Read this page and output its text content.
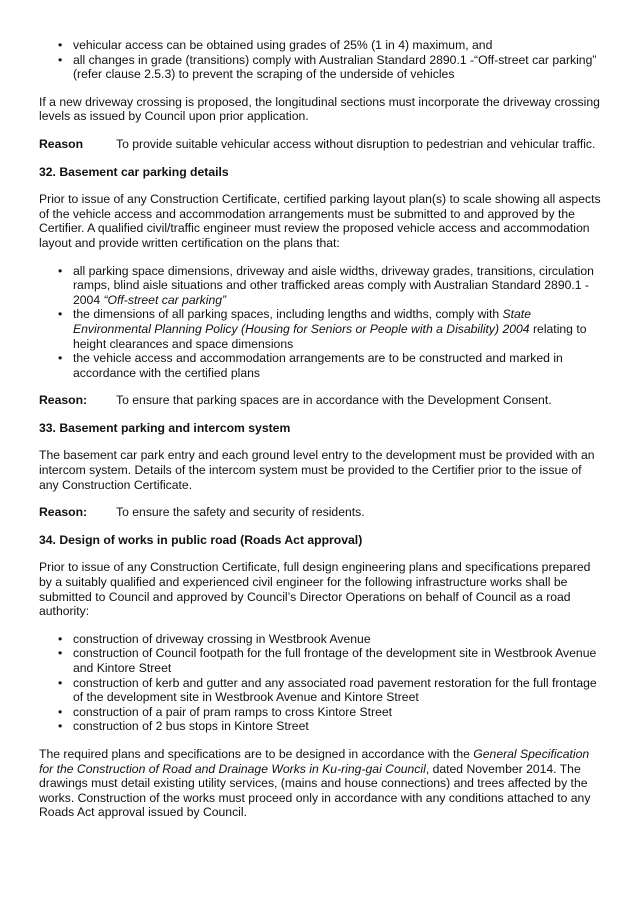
• vehicular access can be obtained using grades of 25% (1 in 4) maximum, and
• all changes in grade (transitions) comply with Australian Standard 2890.1 -“Off-street car parking” (refer clause 2.5.3) to prevent the scraping of the underside of vehicles

If a new driveway crossing is proposed, the longitudinal sections must incorporate the driveway crossing levels as issued by Council upon prior application.

Reason	To provide suitable vehicular access without disruption to pedestrian and vehicular traffic.

32. Basement car parking details

Prior to issue of any Construction Certificate, certified parking layout plan(s) to scale showing all aspects of the vehicle access and accommodation arrangements must be submitted to and approved by the Certifier. A qualified civil/traffic engineer must review the proposed vehicle access and accommodation layout and provide written certification on the plans that:

• all parking space dimensions, driveway and aisle widths, driveway grades, transitions, circulation ramps, blind aisle situations and other trafficked areas comply with Australian Standard 2890.1 - 2004 “Off-street car parking”
• the dimensions of all parking spaces, including lengths and widths, comply with State Environmental Planning Policy (Housing for Seniors or People with a Disability) 2004 relating to height clearances and space dimensions
• the vehicle access and accommodation arrangements are to be constructed and marked in accordance with the certified plans
Reason:	To ensure that parking spaces are in accordance with the Development Consent.

33. Basement parking and intercom system

The basement car park entry and each ground level entry to the development must be provided with an intercom system. Details of the intercom system must be provided to the Certifier prior to the issue of any Construction Certificate.

Reason:	To ensure the safety and security of residents.

34. Design of works in public road (Roads Act approval)

Prior to issue of any Construction Certificate, full design engineering plans and specifications prepared by a suitably qualified and experienced civil engineer for the following infrastructure works shall be submitted to Council and approved by Council’s Director Operations on behalf of Council as a road authority:

• construction of driveway crossing in Westbrook Avenue
• construction of Council footpath for the full frontage of the development site in Westbrook Avenue and Kintore Street
• construction of kerb and gutter and any associated road pavement restoration for the full frontage of the development site in Westbrook Avenue and Kintore Street
• construction of a pair of pram ramps to cross Kintore Street
• construction of 2 bus stops in Kintore Street

The required plans and specifications are to be designed in accordance with the General Specification for the Construction of Road and Drainage Works in Ku-ring-gai Council, dated November 2014. The drawings must detail existing utility services, (mains and house connections) and trees affected by the works. Construction of the works must proceed only in accordance with any conditions attached to any Roads Act approval issued by Council.
